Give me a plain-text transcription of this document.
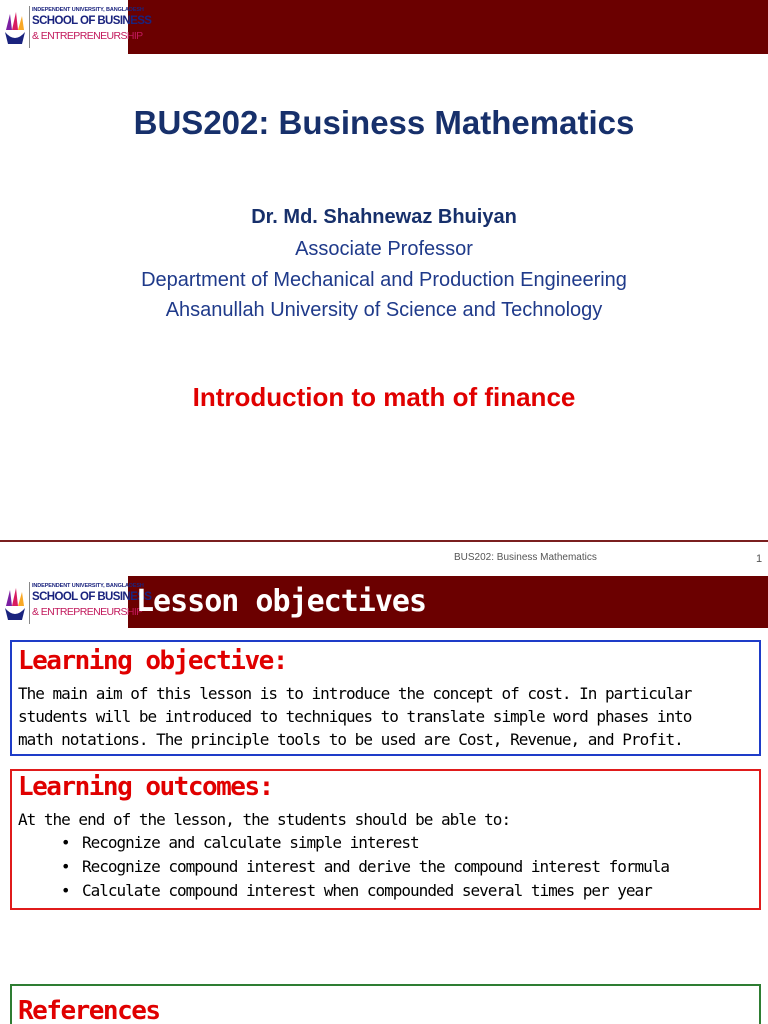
INDEPENDENT UNIVERSITY, BANGLADESH
SCHOOL OF BUSINESS
& ENTREPRENEURSHIP
BUS202: Business Mathematics
Dr. Md. Shahnewaz Bhuiyan
Associate Professor
Department of Mechanical and Production Engineering
Ahsanullah University of Science and Technology
Introduction to math of finance
BUS202: Business Mathematics	1
INDEPENDENT UNIVERSITY, BANGLADESH
SCHOOL OF BUSINESS
& ENTREPRENEURSHIP
Lesson objectives
Learning objective:
The main aim of this lesson is to introduce the concept of cost. In particular
students will be introduced to techniques to translate simple word phases into
math notations. The principle tools to be used are Cost, Revenue, and Profit.
Learning outcomes:
At the end of the lesson, the students should be able to:
• Recognize and calculate simple interest
• Recognize compound interest and derive the compound interest formula
• Calculate compound interest when compounded several times per year
References
